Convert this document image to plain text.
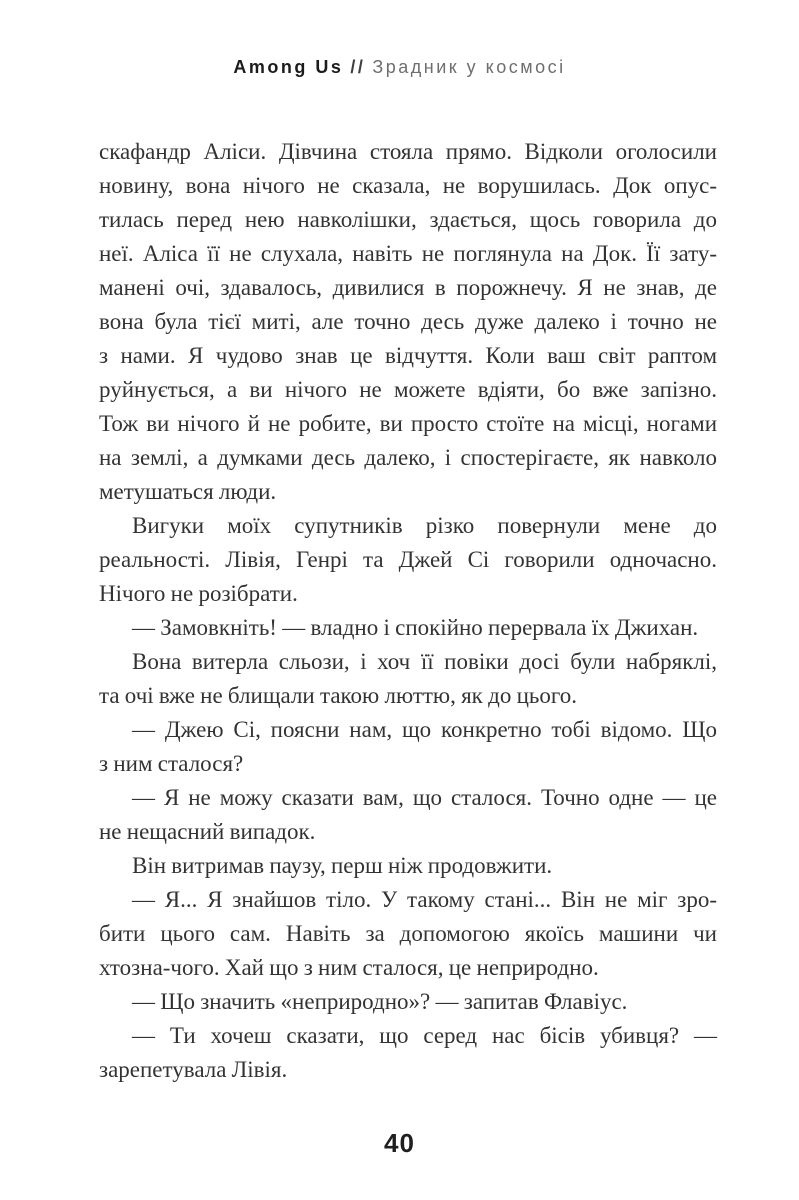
Among Us // Зрадник у космосі
скафандр Аліси. Дівчина стояла прямо. Відколи оголосили
новину, вона нічого не сказала, не ворушилась. Док опус-
тилась перед нею навколішки, здається, щось говорила до
неї. Аліса її не слухала, навіть не поглянула на Док. Її зату-
манені очі, здавалось, дивилися в порожнечу. Я не знав, де
вона була тієї миті, але точно десь дуже далеко і точно не
з нами. Я чудово знав це відчуття. Коли ваш світ раптом
руйнується, а ви нічого не можете вдіяти, бо вже запізно.
Тож ви нічого й не робите, ви просто стоїте на місці, ногами
на землі, а думками десь далеко, і спостерігаєте, як навколо
метушаться люди.
Вигуки моїх супутників різко повернули мене до
реальності. Лівія, Генрі та Джей Сі говорили одночасно.
Нічого не розібрати.
— Замовкніть! — владно і спокійно перервала їх Джихан.
Вона витерла сльози, і хоч її повіки досі були набряклі,
та очі вже не блищали такою люттю, як до цього.
— Джею Сі, поясни нам, що конкретно тобі відомо. Що
з ним сталося?
— Я не можу сказати вам, що сталося. Точно одне — це
не нещасний випадок.
Він витримав паузу, перш ніж продовжити.
— Я... Я знайшов тіло. У такому стані... Він не міг зро-
бити цього сам. Навіть за допомогою якоїсь машини чи
хтозна-чого. Хай що з ним сталося, це неприродно.
— Що значить «неприродно»? — запитав Флавіус.
— Ти хочеш сказати, що серед нас бісів убивця? —
зарепетувала Лівія.
40
